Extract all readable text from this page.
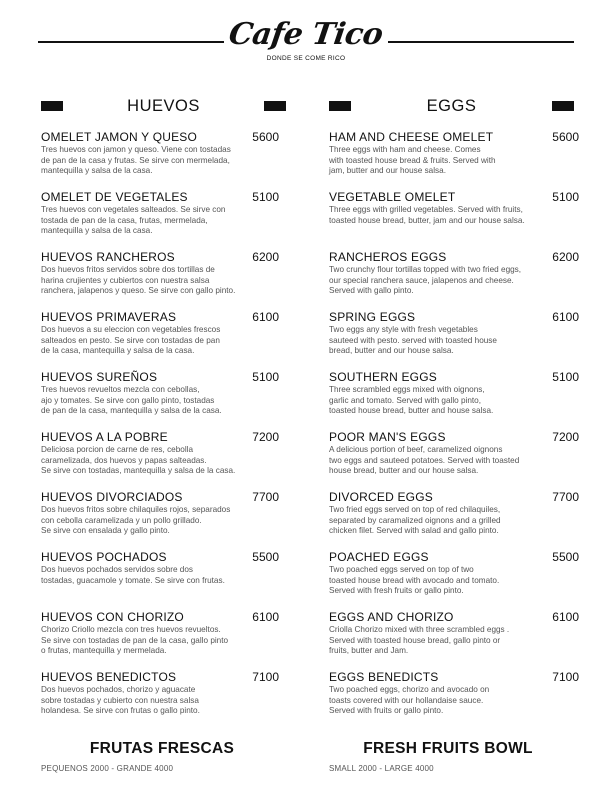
Cafe Tico
DONDE SE COME RICO
HUEVOS	EGGS
OMELET JAMON Y QUESO	5600
Tres huevos con jamon y queso. Viene con tostadas
de pan de la casa y frutas. Se sirve con mermelada,
mantequilla y salsa de la casa.
OMELET DE VEGETALES	5100
Tres huevos con vegetales salteados. Se sirve con
tostada de pan de la casa, frutas, mermelada,
mantequilla y salsa de la casa.
HUEVOS RANCHEROS	6200
Dos huevos fritos servidos sobre dos tortillas de
harina crujientes y cubiertos con nuestra salsa
ranchera, jalapenos y queso. Se sirve con gallo pinto.
HUEVOS PRIMAVERAS	6100
Dos huevos a su eleccion con vegetables frescos
salteados en pesto. Se sirve con tostadas de pan
de la casa, mantequilla y salsa de la casa.
HUEVOS SUREÑOS	5100
Tres huevos revueltos mezcla con cebollas,
ajo y tomates. Se sirve con gallo pinto, tostadas
de pan de la casa, mantequilla y salsa de la casa.
HUEVOS A LA POBRE	7200
Deliciosa porcion de carne de res, cebolla
caramelizada, dos huevos y papas salteadas.
Se sirve con tostadas, mantequilla y salsa de la casa.
HUEVOS DIVORCIADOS	7700
Dos huevos fritos sobre chilaquiles rojos, separados
con cebolla caramelizada y un pollo grillado.
Se sirve con ensalada y gallo pinto.
HUEVOS POCHADOS	5500
Dos huevos pochados servidos sobre dos
tostadas, guacamole y tomate. Se sirve con frutas.
HUEVOS CON CHORIZO	6100
Chorizo Criollo mezcla con tres huevos revueltos.
Se sirve con tostadas de pan de la casa, gallo pinto
o frutas, mantequilla y mermelada.
HUEVOS BENEDICTOS	7100
Dos huevos pochados, chorizo y aguacate
sobre tostadas y cubierto con nuestra salsa
holandesa. Se sirve con frutas o gallo pinto.
HAM AND CHEESE OMELET	5600
Three eggs with ham and cheese. Comes
with toasted house bread & fruits. Served with
jam, butter and our house salsa.
VEGETABLE OMELET	5100
Three eggs with grilled vegetables. Served with fruits,
toasted house bread, butter, jam and our house salsa.
RANCHEROS EGGS	6200
Two crunchy flour tortillas topped with two fried eggs,
our special ranchera sauce, jalapenos and cheese.
Served with gallo pinto.
SPRING EGGS	6100
Two eggs any style with fresh vegetables
sauteed with pesto. served with toasted house
bread, butter and our house salsa.
SOUTHERN EGGS	5100
Three scrambled eggs mixed with oignons,
garlic and tomato. Served with gallo pinto,
toasted house bread, butter and house salsa.
POOR MAN'S EGGS	7200
A delicious portion of beef, caramelized oignons
two eggs and sauteed potatoes. Served with toasted
house bread, butter and our house salsa.
DIVORCED EGGS	7700
Two fried eggs served on top of red chilaquiles,
separated by caramalized oignons and a grilled
chicken filet. Served with salad and gallo pinto.
POACHED EGGS	5500
Two poached eggs served on top of two
toasted house bread with avocado and tomato.
Served with fresh fruits or gallo pinto.
EGGS AND CHORIZO	6100
Criolla Chorizo mixed with three scrambled eggs .
Served with toasted house bread, gallo pinto or
fruits, butter and Jam.
EGGS BENEDICTS	7100
Two poached eggs, chorizo and avocado on
toasts covered with our hollandaise sauce.
Served with fruits or gallo pinto.
FRUTAS FRESCAS
PEQUENOS 2000 - GRANDE 4000
FRESH FRUITS BOWL
SMALL 2000 - LARGE 4000
